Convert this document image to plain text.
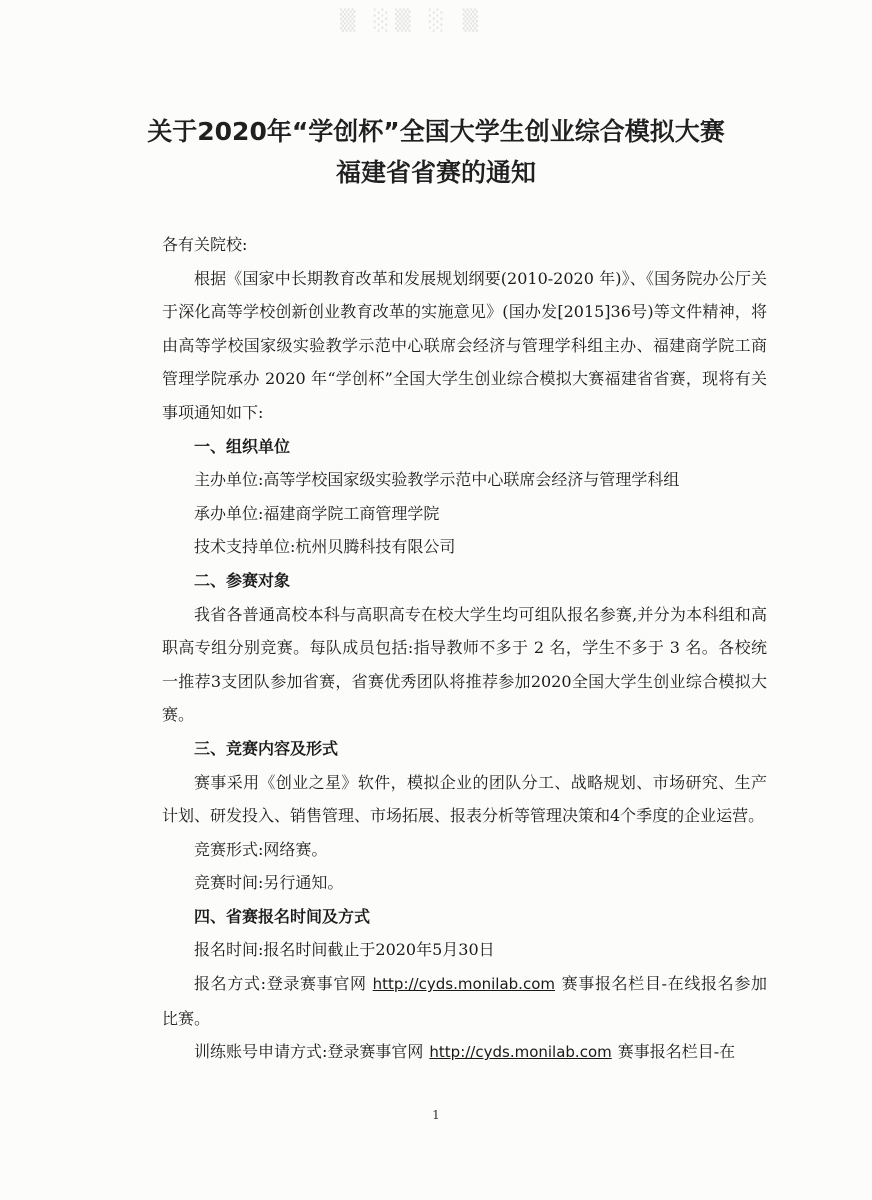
▒ ░▒ ░ ▒
关于2020年“学创杯”全国大学生创业综合模拟大赛
福建省省赛的通知

各有关院校:

根据《国家中长期教育改革和发展规划纲要(2010-2020 年)》、《国务院办公厅关于深化高等学校创新创业教育改革的实施意见》(国办发[2015]36号)等文件精神，将由高等学校国家级实验教学示范中心联席会经济与管理学科组主办、福建商学院工商管理学院承办 2020 年“学创杯”全国大学生创业综合模拟大赛福建省省赛，现将有关事项通知如下:

一、组织单位

主办单位:高等学校国家级实验教学示范中心联席会经济与管理学科组

承办单位:福建商学院工商管理学院

技术支持单位:杭州贝腾科技有限公司

二、参赛对象

我省各普通高校本科与高职高专在校大学生均可组队报名参赛,并分为本科组和高职高专组分别竞赛。每队成员包括:指导教师不多于 2 名，学生不多于 3 名。各校统一推荐3支团队参加省赛，省赛优秀团队将推荐参加2020全国大学生创业综合模拟大赛。

三、竞赛内容及形式

赛事采用《创业之星》软件，模拟企业的团队分工、战略规划、市场研究、生产计划、研发投入、销售管理、市场拓展、报表分析等管理决策和4个季度的企业运营。

竞赛形式:网络赛。

竞赛时间:另行通知。

四、省赛报名时间及方式

报名时间:报名时间截止于2020年5月30日

报名方式:登录赛事官网 http://cyds.monilab.com 赛事报名栏目-在线报名参加比赛。

训练账号申请方式:登录赛事官网 http://cyds.monilab.com 赛事报名栏目-在

1
